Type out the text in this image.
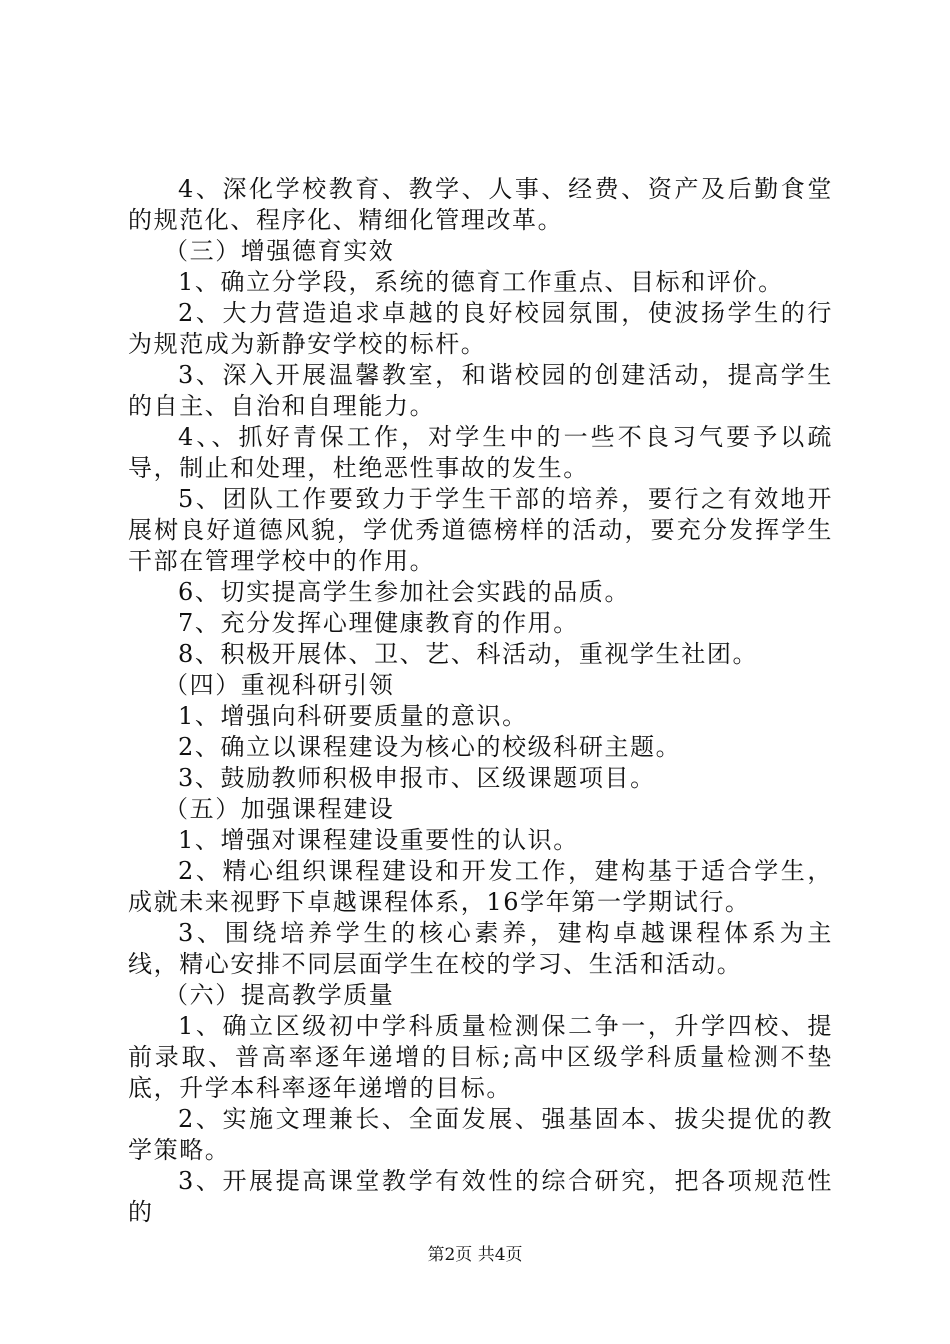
4、深化学校教育、教学、人事、经费、资产及后勤食堂的规范化、程序化、精细化管理改革。

（三）增强德育实效

1、确立分学段，系统的德育工作重点、目标和评价。

2、大力营造追求卓越的良好校园氛围，使波扬学生的行为规范成为新静安学校的标杆。

3、深入开展温馨教室，和谐校园的创建活动，提高学生的自主、自治和自理能力。

4、、抓好青保工作，对学生中的一些不良习气要予以疏导，制止和处理，杜绝恶性事故的发生。

5、团队工作要致力于学生干部的培养，要行之有效地开展树良好道德风貌，学优秀道德榜样的活动，要充分发挥学生干部在管理学校中的作用。

6、切实提高学生参加社会实践的品质。

7、充分发挥心理健康教育的作用。

8、积极开展体、卫、艺、科活动，重视学生社团。

（四）重视科研引领

1、增强向科研要质量的意识。

2、确立以课程建设为核心的校级科研主题。

3、鼓励教师积极申报市、区级课题项目。

（五）加强课程建设

1、增强对课程建设重要性的认识。

2、精心组织课程建设和开发工作，建构基于适合学生，成就未来视野下卓越课程体系，16学年第一学期试行。

3、围绕培养学生的核心素养，建构卓越课程体系为主线，精心安排不同层面学生在校的学习、生活和活动。

（六）提高教学质量

1、确立区级初中学科质量检测保二争一，升学四校、提前录取、普高率逐年递增的目标;高中区级学科质量检测不垫底，升学本科率逐年递增的目标。

2、实施文理兼长、全面发展、强基固本、拔尖提优的教学策略。

3、开展提高课堂教学有效性的综合研究，把各项规范性的

第2页 共4页
